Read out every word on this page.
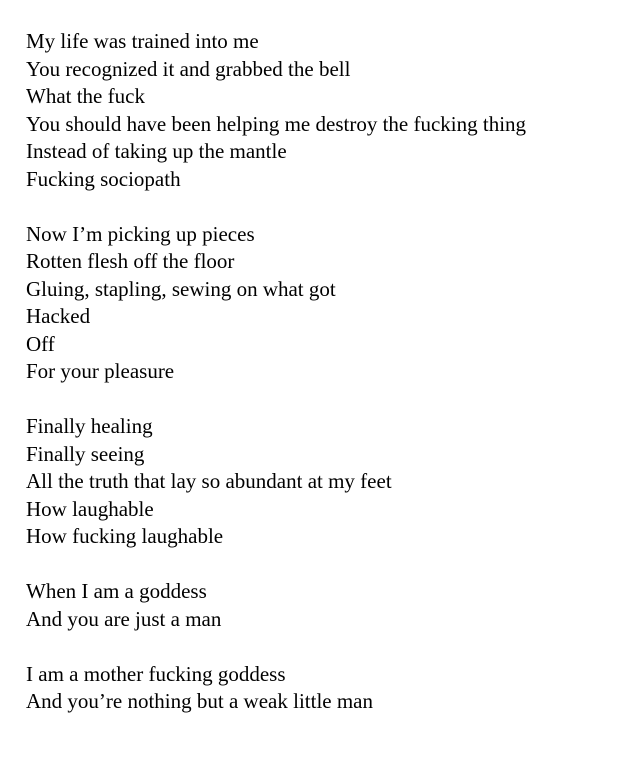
My life was trained into me
You recognized it and grabbed the bell
What the fuck
You should have been helping me destroy the fucking thing
Instead of taking up the mantle
Fucking sociopath
Now I’m picking up pieces
Rotten flesh off the floor
Gluing, stapling, sewing on what got
Hacked
Off
For your pleasure
Finally healing
Finally seeing
All the truth that lay so abundant at my feet
How laughable
How fucking laughable
When I am a goddess
And you are just a man
I am a mother fucking goddess
And you’re nothing but a weak little man
